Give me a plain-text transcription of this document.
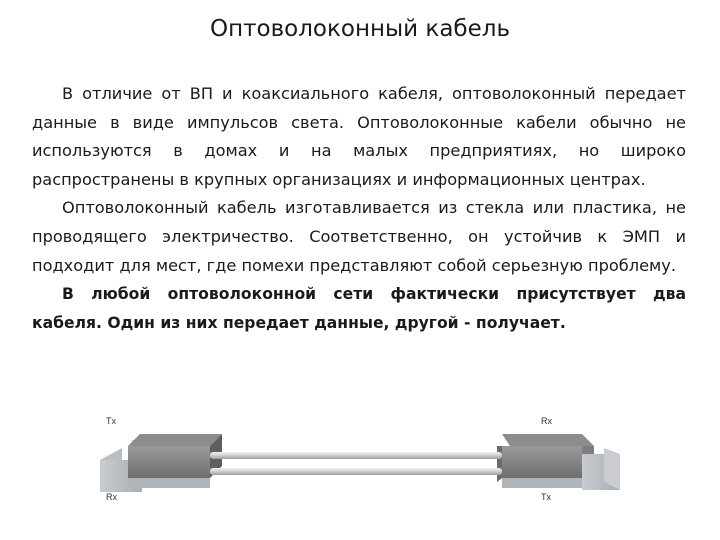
Оптоволоконный кабель

В отличие от ВП и коаксиального кабеля, оптоволоконный передает данные в виде импульсов света. Оптоволоконные кабели обычно не используются в домах и на малых предприятиях, но широко распространены в крупных организациях и информационных центрах.

Оптоволоконный кабель изготавливается из стекла или пластика, не проводящего электричество. Соответственно, он устойчив к ЭМП и подходит для мест, где помехи представляют собой серьезную проблему.

В любой оптоволоконной сети фактически присутствует два кабеля. Один из них передает данные, другой - получает.

Tx	Rx
Rx	Tx
